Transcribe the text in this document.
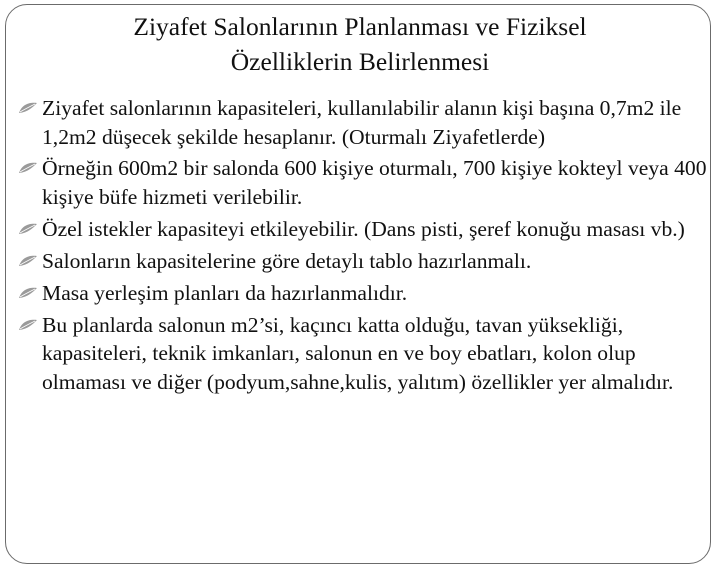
Ziyafet Salonlarının Planlanması ve Fiziksel
Özelliklerin Belirlenmesi
Ziyafet salonlarının kapasiteleri, kullanılabilir alanın kişi başına 0,7m2 ile 1,2m2 düşecek şekilde hesaplanır. (Oturmalı Ziyafetlerde)
Örneğin 600m2 bir salonda 600 kişiye oturmalı, 700 kişiye kokteyl veya 400 kişiye büfe hizmeti verilebilir.
Özel istekler kapasiteyi etkileyebilir. (Dans pisti, şeref konuğu masası vb.)
Salonların kapasitelerine göre detaylı tablo hazırlanmalı.
Masa yerleşim planları da hazırlanmalıdır.
Bu planlarda salonun m2’si, kaçıncı katta olduğu, tavan yüksekliği, kapasiteleri, teknik imkanları, salonun en ve boy ebatları, kolon olup olmaması ve diğer (podyum,sahne,kulis, yalıtım) özellikler yer almalıdır.
